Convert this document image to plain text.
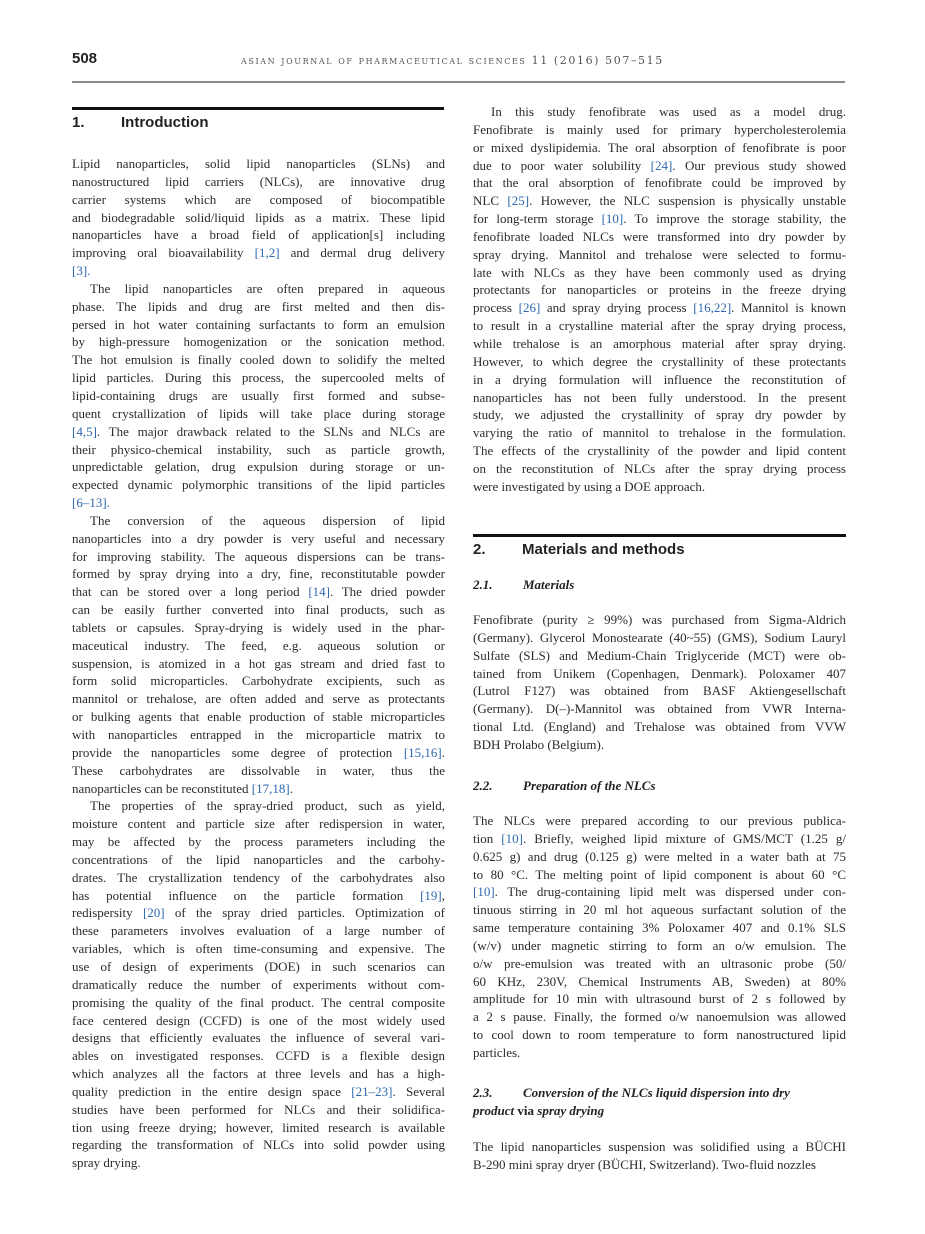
508	asian journal of pharmaceutical sciences 11 (2016) 507–515
1. Introduction
Lipid nanoparticles, solid lipid nanoparticles (SLNs) and
nanostructured lipid carriers (NLCs), are innovative drug
carrier systems which are composed of biocompatible
and biodegradable solid/liquid lipids as a matrix. These lipid
nanoparticles have a broad field of application[s] including
improving oral bioavailability [1,2] and dermal drug delivery
[3].
The lipid nanoparticles are often prepared in aqueous
phase. The lipids and drug are first melted and then dis-
persed in hot water containing surfactants to form an emulsion
by high-pressure homogenization or the sonication method.
The hot emulsion is finally cooled down to solidify the melted
lipid particles. During this process, the supercooled melts of
lipid-containing drugs are usually first formed and subse-
quent crystallization of lipids will take place during storage
[4,5]. The major drawback related to the SLNs and NLCs are
their physico-chemical instability, such as particle growth,
unpredictable gelation, drug expulsion during storage or un-
expected dynamic polymorphic transitions of the lipid particles
[6–13].
The conversion of the aqueous dispersion of lipid
nanoparticles into a dry powder is very useful and necessary
for improving stability. The aqueous dispersions can be trans-
formed by spray drying into a dry, fine, reconstitutable powder
that can be stored over a long period [14]. The dried powder
can be easily further converted into final products, such as
tablets or capsules. Spray-drying is widely used in the phar-
maceutical industry. The feed, e.g. aqueous solution or
suspension, is atomized in a hot gas stream and dried fast to
form solid microparticles. Carbohydrate excipients, such as
mannitol or trehalose, are often added and serve as protectants
or bulking agents that enable production of stable microparticles
with nanoparticles entrapped in the microparticle matrix to
provide the nanoparticles some degree of protection [15,16].
These carbohydrates are dissolvable in water, thus the
nanoparticles can be reconstituted [17,18].
The properties of the spray-dried product, such as yield,
moisture content and particle size after redispersion in water,
may be affected by the process parameters including the
concentrations of the lipid nanoparticles and the carbohy-
drates. The crystallization tendency of the carbohydrates also
has potential influence on the particle formation [19],
redispersity [20] of the spray dried particles. Optimization of
these parameters involves evaluation of a large number of
variables, which is often time-consuming and expensive. The
use of design of experiments (DOE) in such scenarios can
dramatically reduce the number of experiments without com-
promising the quality of the final product. The central composite
face centered design (CCFD) is one of the most widely used
designs that efficiently evaluates the influence of several vari-
ables on investigated responses. CCFD is a flexible design
which analyzes all the factors at three levels and has a high-
quality prediction in the entire design space [21–23]. Several
studies have been performed for NLCs and their solidifica-
tion using freeze drying; however, limited research is available
regarding the transformation of NLCs into solid powder using
spray drying.
In this study fenofibrate was used as a model drug.
Fenofibrate is mainly used for primary hypercholesterolemia
or mixed dyslipidemia. The oral absorption of fenofibrate is poor
due to poor water solubility [24]. Our previous study showed
that the oral absorption of fenofibrate could be improved by
NLC [25]. However, the NLC suspension is physically unstable
for long-term storage [10]. To improve the storage stability, the
fenofibrate loaded NLCs were transformed into dry powder by
spray drying. Mannitol and trehalose were selected to formu-
late with NLCs as they have been commonly used as drying
protectants for nanoparticles or proteins in the freeze drying
process [26] and spray drying process [16,22]. Mannitol is known
to result in a crystalline material after the spray drying process,
while trehalose is an amorphous material after spray drying.
However, to which degree the crystallinity of these protectants
in a drying formulation will influence the reconstitution of
nanoparticles has not been fully understood. In the present
study, we adjusted the crystallinity of spray dry powder by
varying the ratio of mannitol to trehalose in the formulation.
The effects of the crystallinity of the powder and lipid content
on the reconstitution of NLCs after the spray drying process
were investigated by using a DOE approach.
2. Materials and methods
2.1. Materials
Fenofibrate (purity ≥ 99%) was purchased from Sigma-Aldrich
(Germany). Glycerol Monostearate (40~55) (GMS), Sodium Lauryl
Sulfate (SLS) and Medium-Chain Triglyceride (MCT) were ob-
tained from Unikem (Copenhagen, Denmark). Poloxamer 407
(Lutrol F127) was obtained from BASF Aktiengesellschaft
(Germany). D(–)-Mannitol was obtained from VWR Interna-
tional Ltd. (England) and Trehalose was obtained from VVW
BDH Prolabo (Belgium).
2.2. Preparation of the NLCs
The NLCs were prepared according to our previous publica-
tion [10]. Briefly, weighed lipid mixture of GMS/MCT (1.25 g/
0.625 g) and drug (0.125 g) were melted in a water bath at 75
to 80 °C. The melting point of lipid component is about 60 °C
[10]. The drug-containing lipid melt was dispersed under con-
tinuous stirring in 20 ml hot aqueous surfactant solution of the
same temperature containing 3% Poloxamer 407 and 0.1% SLS
(w/v) under magnetic stirring to form an o/w emulsion. The
o/w pre-emulsion was treated with an ultrasonic probe (50/
60 KHz, 230V, Chemical Instruments AB, Sweden) at 80%
amplitude for 10 min with ultrasound burst of 2 s followed by
a 2 s pause. Finally, the formed o/w nanoemulsion was allowed
to cool down to room temperature to form nanostructured lipid
particles.
2.3. Conversion of the NLCs liquid dispersion into dry
product via spray drying
The lipid nanoparticles suspension was solidified using a BÜCHI
B-290 mini spray dryer (BÜCHI, Switzerland). Two-fluid nozzles
